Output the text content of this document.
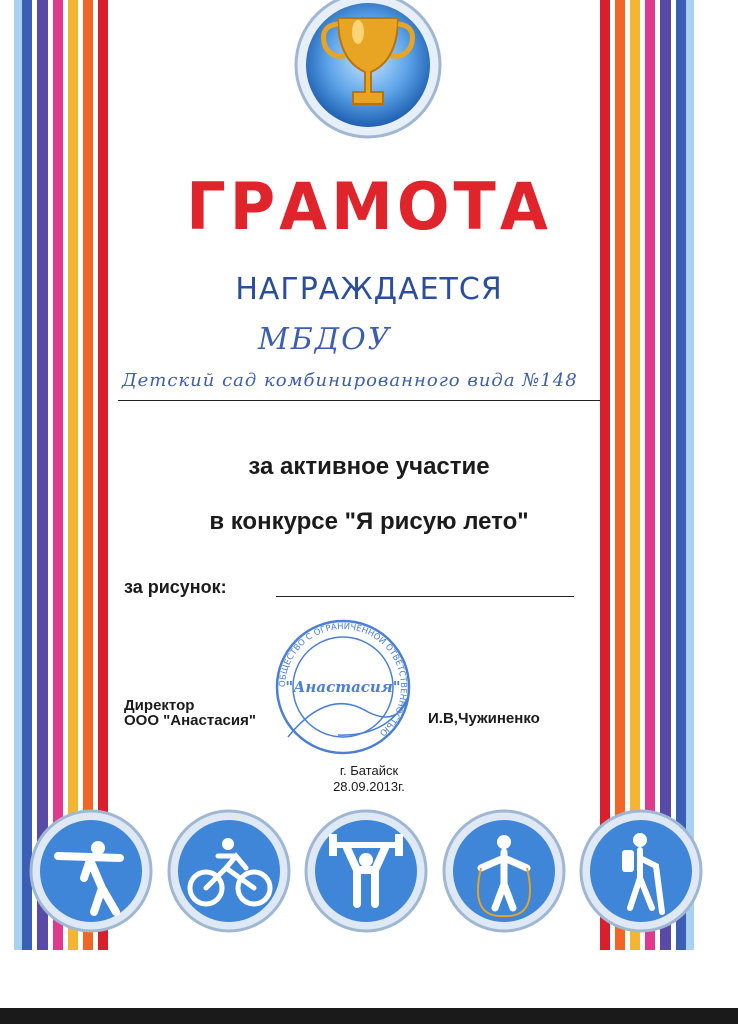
ГРАМОТА
НАГРАЖДАЕТСЯ
МБДОУ
Детский сад комбинированного вида №148
за активное участие
в конкурсе "Я рисую лето"
за рисунок:
ОБЩЕСТВО С ОГРАНИЧЕННОЙ ОТВЕТСТВЕННОСТЬЮ
"Анастасия"
Директор
ООО "Анастасия"	И.В,Чужиненко
г. Батайск
28.09.2013г.
